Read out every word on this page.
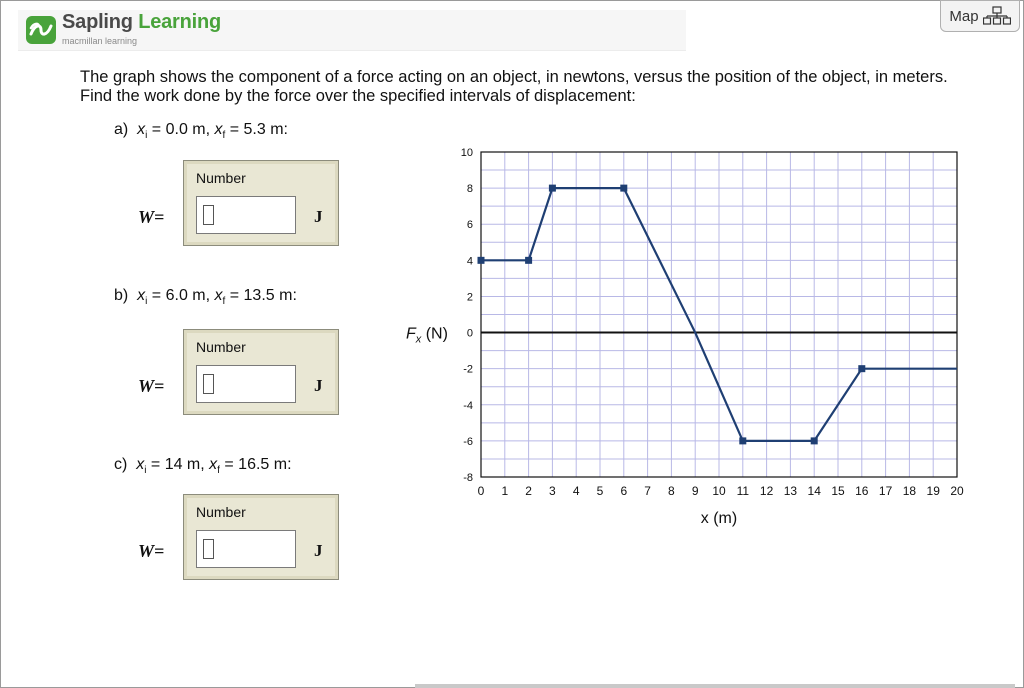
Sapling Learning
macmillan learning
Map
The graph shows the component of a force acting on an object, in newtons, versus the position of the object, in meters. Find the work done by the force over the specified intervals of displacement:
a) $x_i = 0.0$ m, $x_f = 5.3$ m:
W=
Number
J
b) $x_i = 6.0$ m, $x_f = 13.5$ m:
W=
Number
J
c) $x_i = 14$ m, $x_f = 16.5$ m:
W=
Number
J
0 1 2 3 4 5 6 7 8 9 10 11 12 13 14 15 16 17 18 19 20
-8
-6
-4
-2
0
2
4
6
8
10
x (m)
$F_x$ (N)
